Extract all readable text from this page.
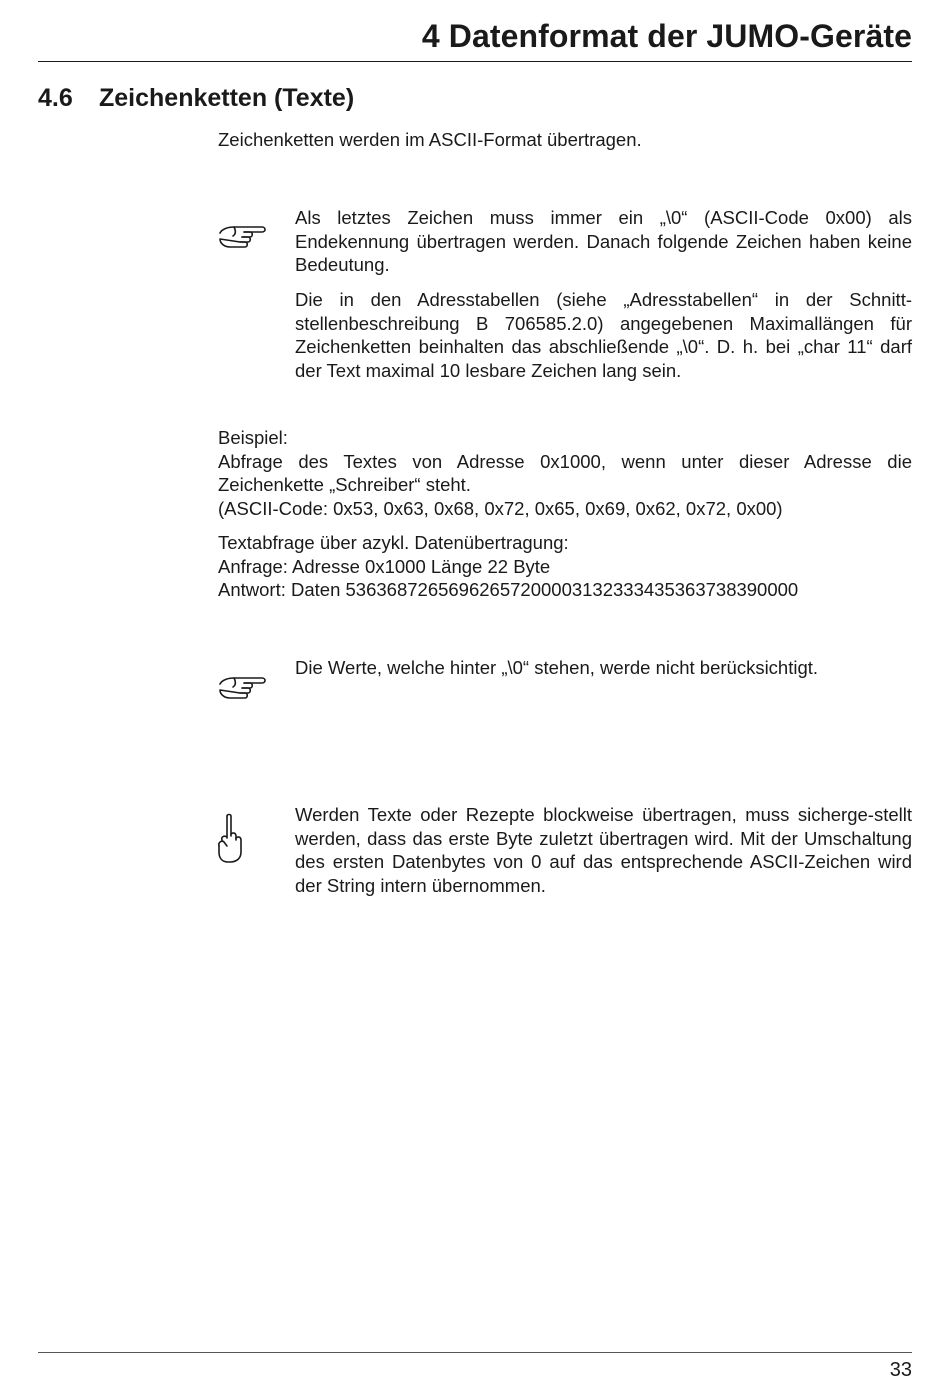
4 Datenformat der JUMO-Geräte
4.6 Zeichenketten (Texte)

Zeichenketten werden im ASCII-Format übertragen.

Als letztes Zeichen muss immer ein „\0“ (ASCII-Code 0x00) als Endekennung übertragen werden. Danach folgende Zeichen haben keine Bedeutung.

Die in den Adresstabellen (siehe „Adresstabellen“ in der Schnitt-stellenbeschreibung B 706585.2.0) angegebenen Maximallängen für Zeichenketten beinhalten das abschließende „\0“. D. h. bei „char 11“ darf der Text maximal 10 lesbare Zeichen lang sein.

Beispiel:
Abfrage des Textes von Adresse 0x1000, wenn unter dieser Adresse die Zeichenkette „Schreiber“ steht.
(ASCII-Code: 0x53, 0x63, 0x68, 0x72, 0x65, 0x69, 0x62, 0x72, 0x00)
Textabfrage über azykl. Datenübertragung:
Anfrage: Adresse 0x1000 Länge 22 Byte
Antwort: Daten 53636872656962657200003132333435363738390000

Die Werte, welche hinter „\0“ stehen, werde nicht berücksichtigt.

Werden Texte oder Rezepte blockweise übertragen, muss sicherge-stellt werden, dass das erste Byte zuletzt übertragen wird. Mit der Umschaltung des ersten Datenbytes von 0 auf das entsprechende ASCII-Zeichen wird der String intern übernommen.

33
